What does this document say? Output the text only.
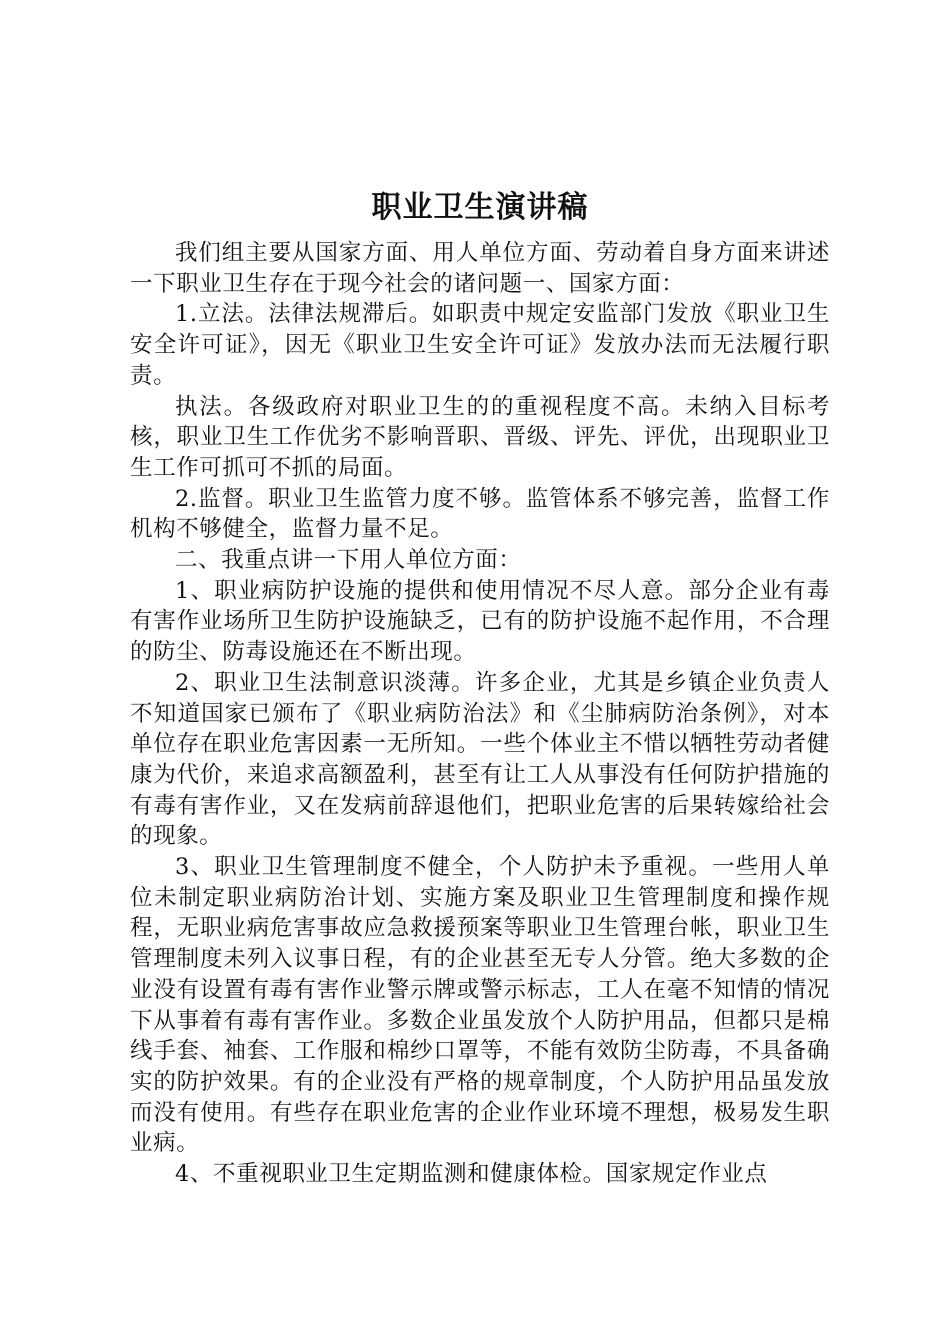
职业卫生演讲稿

我们组主要从国家方面、用人单位方面、劳动着自身方面来讲述一下职业卫生存在于现今社会的诸问题一、国家方面：

1.立法。法律法规滞后。如职责中规定安监部门发放《职业卫生安全许可证》，因无《职业卫生安全许可证》发放办法而无法履行职责。

执法。各级政府对职业卫生的的重视程度不高。未纳入目标考核，职业卫生工作优劣不影响晋职、晋级、评先、评优，出现职业卫生工作可抓可不抓的局面。

2.监督。职业卫生监管力度不够。监管体系不够完善，监督工作机构不够健全，监督力量不足。

二、我重点讲一下用人单位方面：

1、职业病防护设施的提供和使用情况不尽人意。部分企业有毒有害作业场所卫生防护设施缺乏，已有的防护设施不起作用，不合理的防尘、防毒设施还在不断出现。

2、职业卫生法制意识淡薄。许多企业，尤其是乡镇企业负责人不知道国家已颁布了《职业病防治法》和《尘肺病防治条例》，对本单位存在职业危害因素一无所知。一些个体业主不惜以牺牲劳动者健康为代价，来追求高额盈利，甚至有让工人从事没有任何防护措施的有毒有害作业，又在发病前辞退他们，把职业危害的后果转嫁给社会的现象。

3、职业卫生管理制度不健全，个人防护未予重视。一些用人单位未制定职业病防治计划、实施方案及职业卫生管理制度和操作规程，无职业病危害事故应急救援预案等职业卫生管理台帐，职业卫生管理制度未列入议事日程，有的企业甚至无专人分管。绝大多数的企业没有设置有毒有害作业警示牌或警示标志，工人在毫不知情的情况下从事着有毒有害作业。多数企业虽发放个人防护用品，但都只是棉线手套、袖套、工作服和棉纱口罩等，不能有效防尘防毒，不具备确实的防护效果。有的企业没有严格的规章制度，个人防护用品虽发放而没有使用。有些存在职业危害的企业作业环境不理想，极易发生职业病。

4、不重视职业卫生定期监测和健康体检。国家规定作业点
